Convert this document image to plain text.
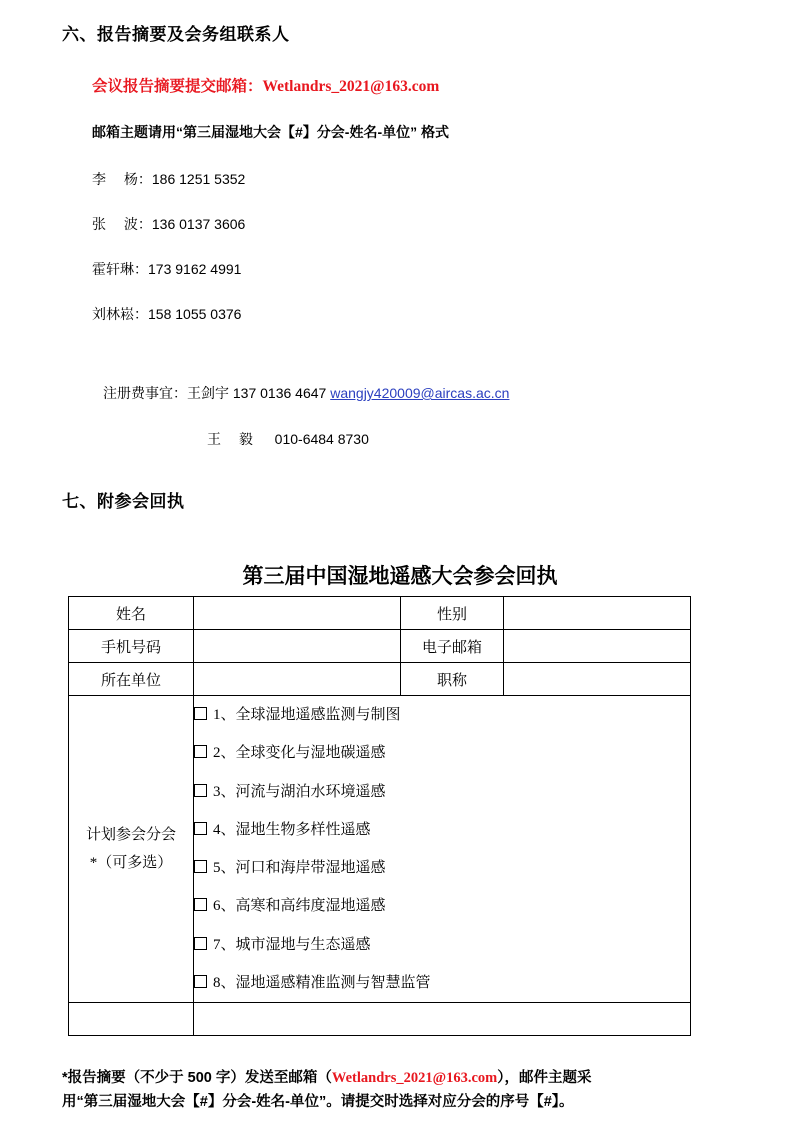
六、报告摘要及会务组联系人
会议报告摘要提交邮箱：Wetlandrs_2021@163.com
邮箱主题请用“第三届湿地大会【#】分会-姓名-单位” 格式
李　 杨：186 1251 5352
张　 波：136 0137 3606
霍轩琳：173 9162 4991
刘林崧：158 1055 0376
注册费事宜：王剑宇 137 0136 4647 wangjy420009@aircas.ac.cn
王　 毅　  010-6484 8730
七、附参会回执
第三届中国湿地遥感大会参会回执
姓名		性别	
手机号码		电子邮箱	
所在单位		职称	

计划参会分会
*（可多选）

1、全球湿地遥感监测与制图
2、全球变化与湿地碳遥感
3、河流与湖泊水环境遥感
4、湿地生物多样性遥感
5、河口和海岸带湿地遥感
6、高寒和高纬度湿地遥感
7、城市湿地与生态遥感
8、湿地遥感精准监测与智慧监管

*报告摘要（不少于 500 字）发送至邮箱（Wetlandrs_2021@163.com），邮件主题采
用“第三届湿地大会【#】分会-姓名-单位”。请提交时选择对应分会的序号【#】。
